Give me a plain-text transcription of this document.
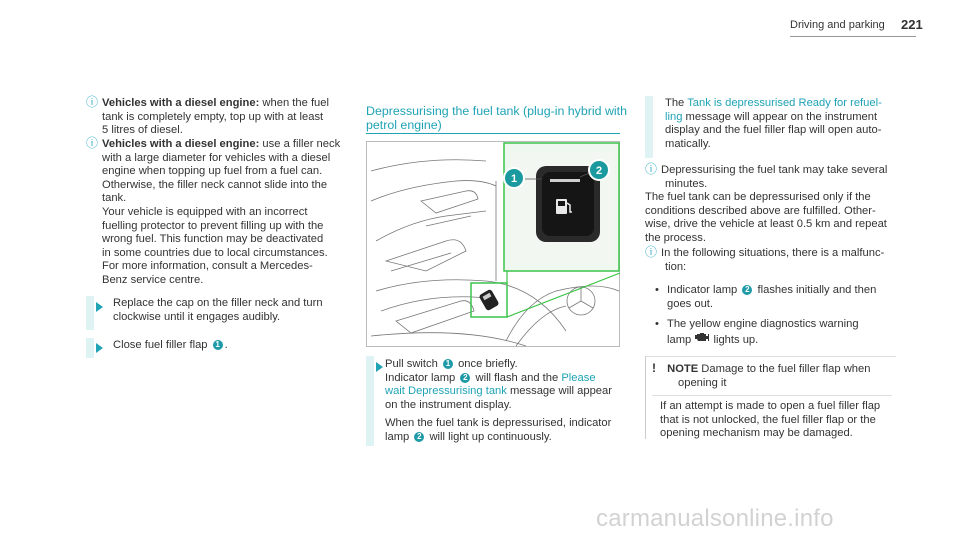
Driving and parking 221
ⓘ Vehicles with a diesel engine: when the fuel
tank is completely empty, top up with at least
5 litres of diesel.
ⓘ Vehicles with a diesel engine: use a filler neck

with a large diameter for vehicles with a diesel
engine when topping up fuel from a fuel can.
Otherwise, the filler neck cannot slide into the
tank.
Your vehicle is equipped with an incorrect
fuelling protector to prevent filling up with the
wrong fuel. This function may be deactivated
in some countries due to local circumstances.
For more information, consult a Mercedes-
Benz service centre.
Replace the cap on the filler neck and turn
clockwise until it engages audibly.
Close fuel filler flap 1 .
Depressurising the fuel tank (plug-in hybrid with
petrol engine)
1
2
Pull switch 1 once briefly.
Indicator lamp 2 will flash and the Please
wait Depressurising tank message will appear
on the instrument display.
When the fuel tank is depressurised, indicator
lamp 2 will light up continuously.
The Tank is depressurised Ready for refuel-
ling message will appear on the instrument
display and the fuel filler flap will open auto-
matically.
ⓘ Depressurising the fuel tank may take several
minutes.
The fuel tank can be depressurised only if the
conditions described above are fulfilled. Other-
wise, drive the vehicle at least 0.5 km and repeat
the process.
ⓘ In the following situations, there is a malfunc-
tion:
• Indicator lamp 2 flashes initially and then
goes out.
• The yellow engine diagnostics warning
lamp lights up.
! NOTE Damage to the fuel filler flap when
opening it
If an attempt is made to open a fuel filler flap
that is not unlocked, the fuel filler flap or the
opening mechanism may be damaged.
carmanualsonline.info
